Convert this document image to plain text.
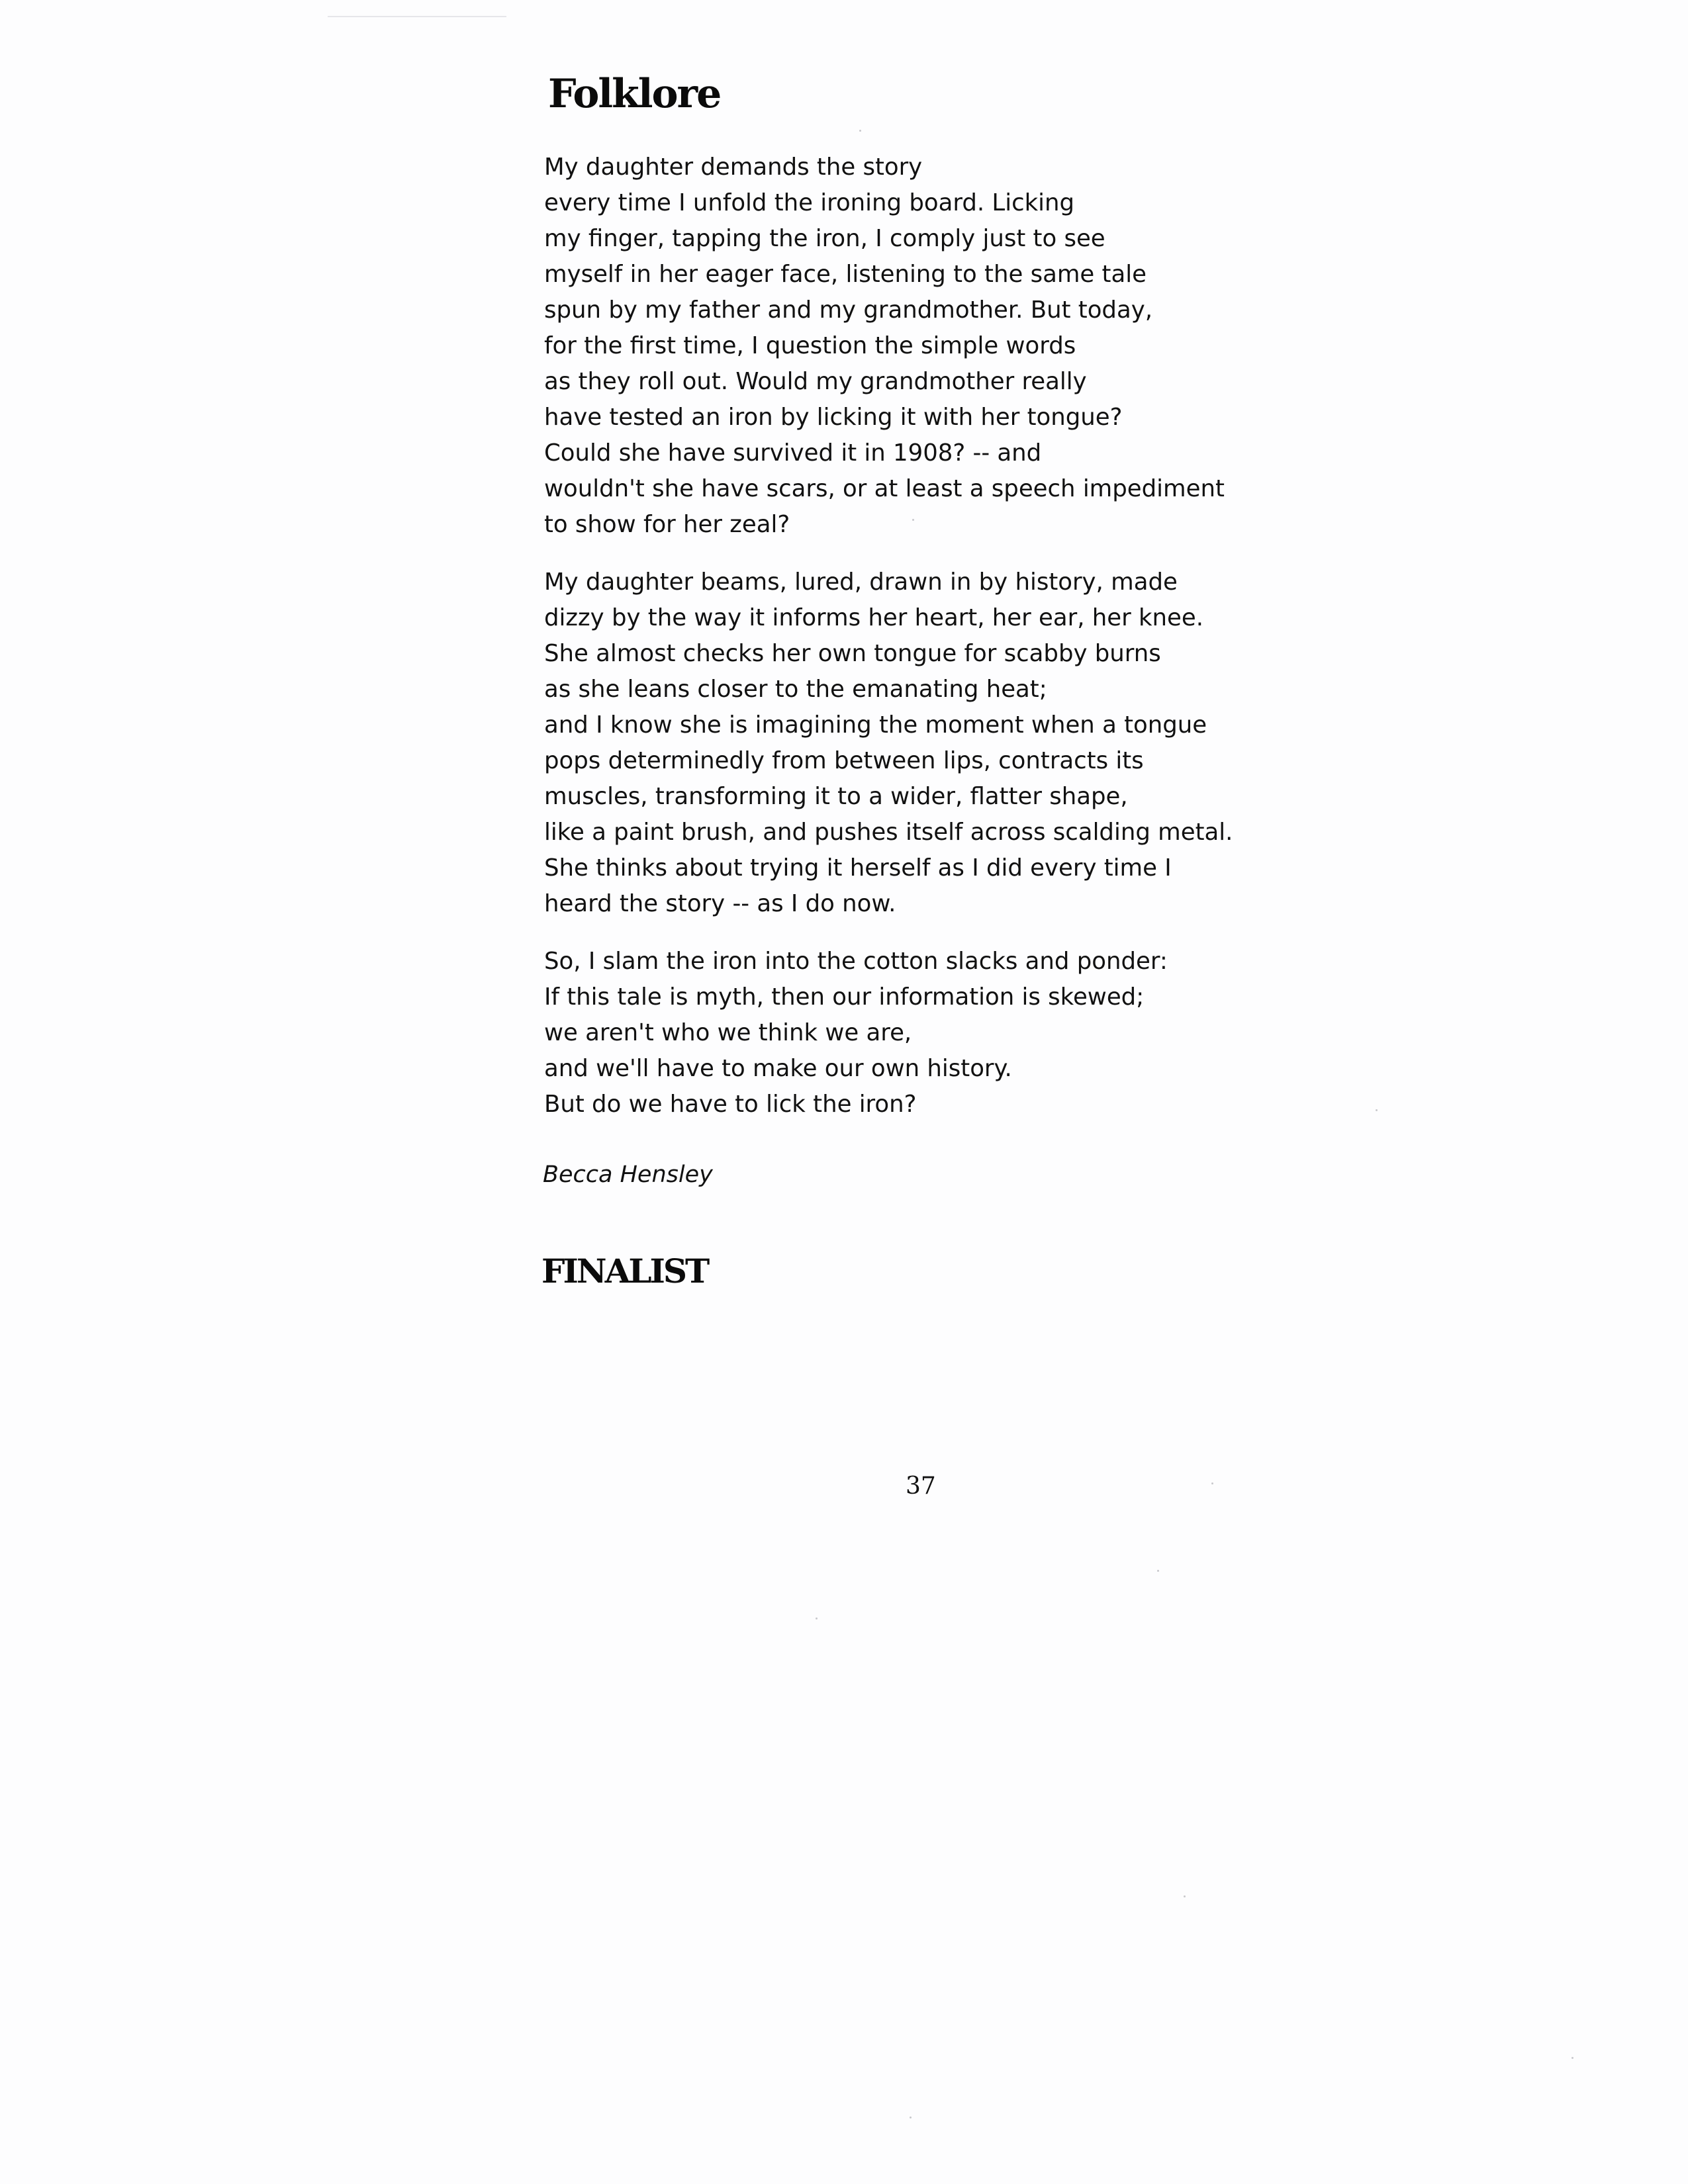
Folklore
My daughter demands the story
every time I unfold the ironing board. Licking
my finger, tapping the iron, I comply just to see
myself in her eager face, listening to the same tale
spun by my father and my grandmother. But today,
for the first time, I question the simple words
as they roll out. Would my grandmother really
have tested an iron by licking it with her tongue?
Could she have survived it in 1908? -- and
wouldn't she have scars, or at least a speech impediment
to show for her zeal?
My daughter beams, lured, drawn in by history, made
dizzy by the way it informs her heart, her ear, her knee.
She almost checks her own tongue for scabby burns
as she leans closer to the emanating heat;
and I know she is imagining the moment when a tongue
pops determinedly from between lips, contracts its
muscles, transforming it to a wider, flatter shape,
like a paint brush, and pushes itself across scalding metal.
She thinks about trying it herself as I did every time I
heard the story -- as I do now.
So, I slam the iron into the cotton slacks and ponder:
If this tale is myth, then our information is skewed;
we aren't who we think we are,
and we'll have to make our own history.
But do we have to lick the iron?
Becca Hensley
FINALIST
37
